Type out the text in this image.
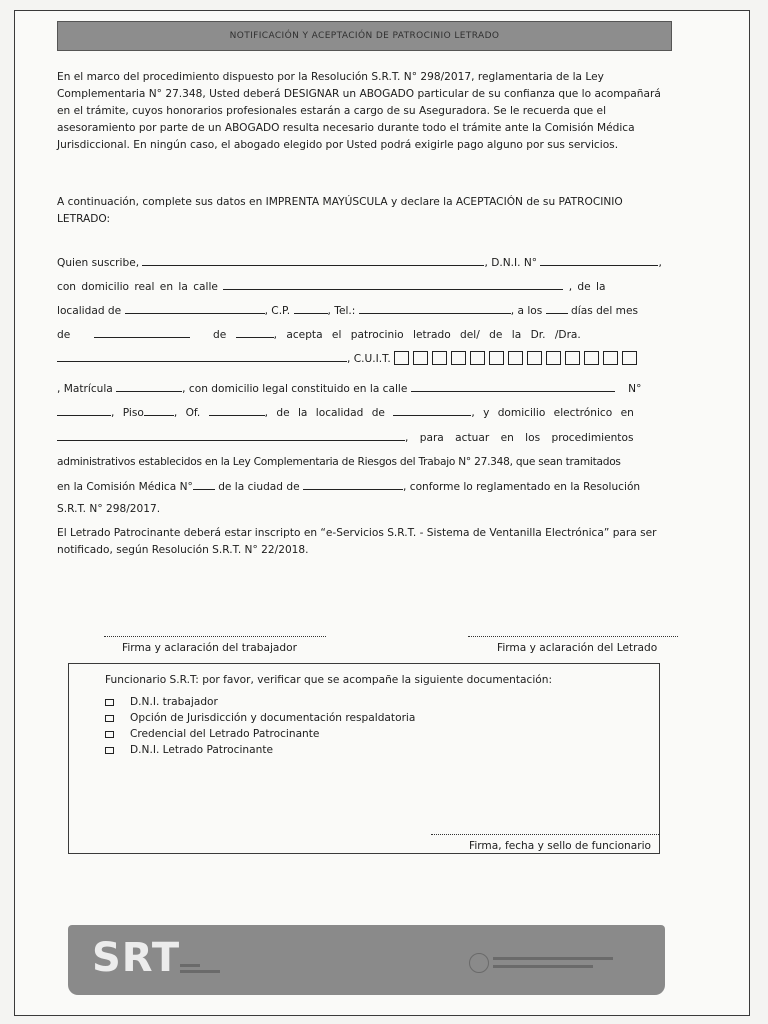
NOTIFICACIÓN Y ACEPTACIÓN DE PATROCINIO LETRADO
En el marco del procedimiento dispuesto por la Resolución S.R.T. N° 298/2017, reglamentaria de la Ley Complementaria N° 27.348, Usted deberá DESIGNAR un ABOGADO particular de su confianza que lo acompañará en el trámite, cuyos honorarios profesionales estarán a cargo de su Aseguradora. Se le recuerda que el asesoramiento por parte de un ABOGADO resulta necesario durante todo el trámite ante la Comisión Médica Jurisdiccional. En ningún caso, el abogado elegido por Usted podrá exigirle pago alguno por sus servicios.
A continuación, complete sus datos en IMPRENTA MAYÚSCULA y declare la ACEPTACIÓN de su PATROCINIO LETRADO:
Quien suscribe,	, D.N.I. N°	,
con domicilio real en la calle	, de la
localidad de	, C.P.	, Tel.:	, a los	días del mes
de	de	, acepta el patrocinio letrado del/ de la Dr. /Dra.
, C.U.I.T.
, Matrícula	, con domicilio legal constituido en la calle	N°
, Piso	, Of.	, de la localidad de	, y domicilio electrónico en
, para actuar en los procedimientos
administrativos establecidos en la Ley Complementaria de Riesgos del Trabajo N° 27.348, que sean tramitados
en la Comisión Médica N° de la ciudad de	, conforme lo reglamentado en la Resolución
S.R.T. N° 298/2017.
El Letrado Patrocinante deberá estar inscripto en “e-Servicios S.R.T. - Sistema de Ventanilla Electrónica” para ser notificado, según Resolución S.R.T. N° 22/2018.
Firma y aclaración del trabajador	Firma y aclaración del Letrado
Funcionario S.R.T: por favor, verificar que se acompañe la siguiente documentación:
D.N.I. trabajador
Opción de Jurisdicción y documentación respaldatoria
Credencial del Letrado Patrocinante
D.N.I. Letrado Patrocinante
Firma, fecha y sello de funcionario
SRT
